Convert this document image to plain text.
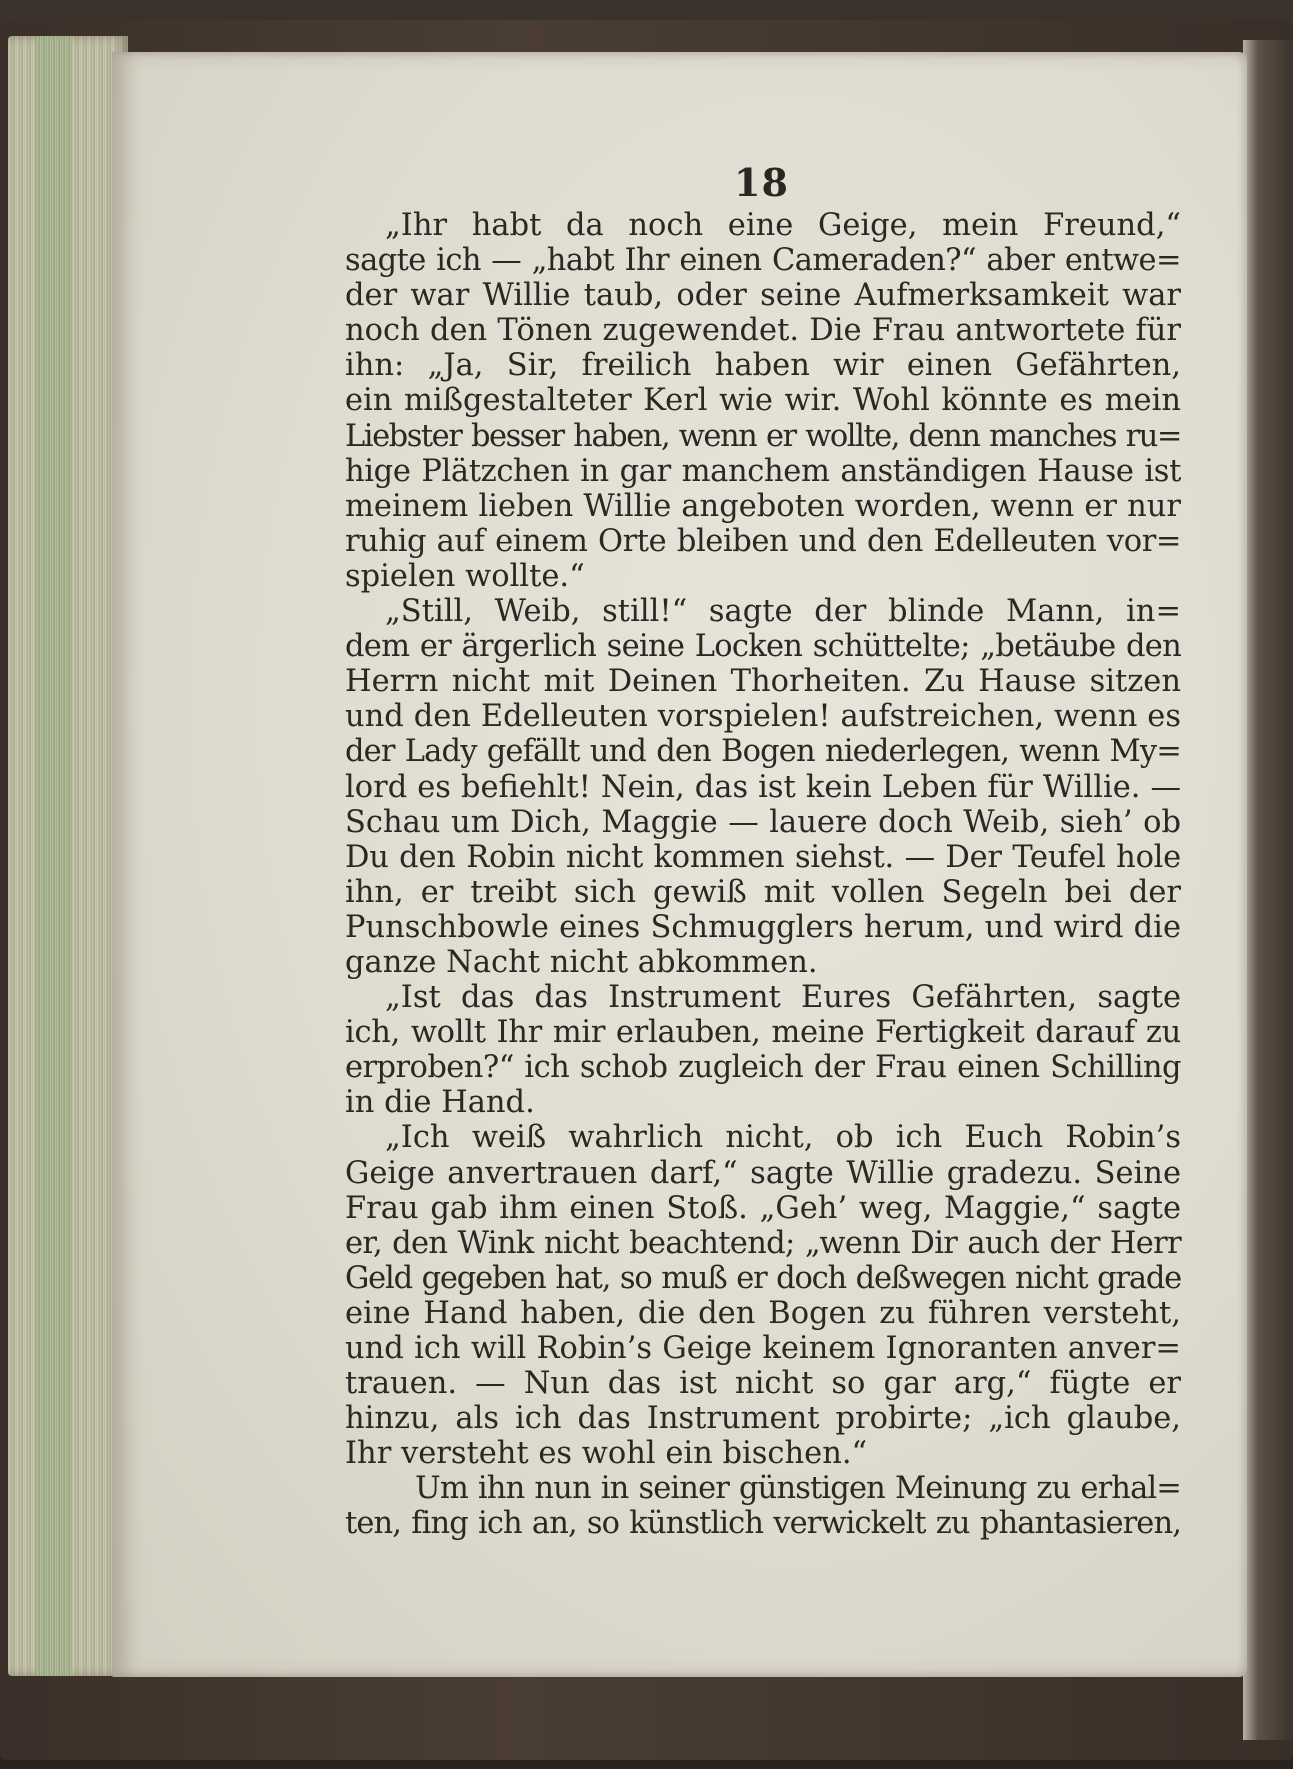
18
„Ihr habt da noch eine Geige, mein Freund,“
sagte ich — „habt Ihr einen Cameraden?“ aber entwe=
der war Willie taub, oder seine Aufmerksamkeit war
noch den Tönen zugewendet. Die Frau antwortete für
ihn: „Ja, Sir, freilich haben wir einen Gefährten,
ein mißgestalteter Kerl wie wir. Wohl könnte es mein
Liebster besser haben, wenn er wollte, denn manches ru=
hige Plätzchen in gar manchem anständigen Hause ist
meinem lieben Willie angeboten worden, wenn er nur
ruhig auf einem Orte bleiben und den Edelleuten vor=
spielen wollte.“
„Still, Weib, still!“ sagte der blinde Mann, in=
dem er ärgerlich seine Locken schüttelte; „betäube den
Herrn nicht mit Deinen Thorheiten. Zu Hause sitzen
und den Edelleuten vorspielen! aufstreichen, wenn es
der Lady gefällt und den Bogen niederlegen, wenn My=
lord es befiehlt! Nein, das ist kein Leben für Willie. —
Schau um Dich, Maggie — lauere doch Weib, sieh’ ob
Du den Robin nicht kommen siehst. — Der Teufel hole
ihn, er treibt sich gewiß mit vollen Segeln bei der
Punschbowle eines Schmugglers herum, und wird die
ganze Nacht nicht abkommen.
„Ist das das Instrument Eures Gefährten, sagte
ich, wollt Ihr mir erlauben, meine Fertigkeit darauf zu
erproben?“ ich schob zugleich der Frau einen Schilling
in die Hand.
„Ich weiß wahrlich nicht, ob ich Euch Robin’s
Geige anvertrauen darf,“ sagte Willie gradezu. Seine
Frau gab ihm einen Stoß. „Geh’ weg, Maggie,“ sagte
er, den Wink nicht beachtend; „wenn Dir auch der Herr
Geld gegeben hat, so muß er doch deßwegen nicht grade
eine Hand haben, die den Bogen zu führen versteht,
und ich will Robin’s Geige keinem Ignoranten anver=
trauen. — Nun das ist nicht so gar arg,“ fügte er
hinzu, als ich das Instrument probirte; „ich glaube,
Ihr versteht es wohl ein bischen.“
Um ihn nun in seiner günstigen Meinung zu erhal=
ten, fing ich an, so künstlich verwickelt zu phantasieren,
